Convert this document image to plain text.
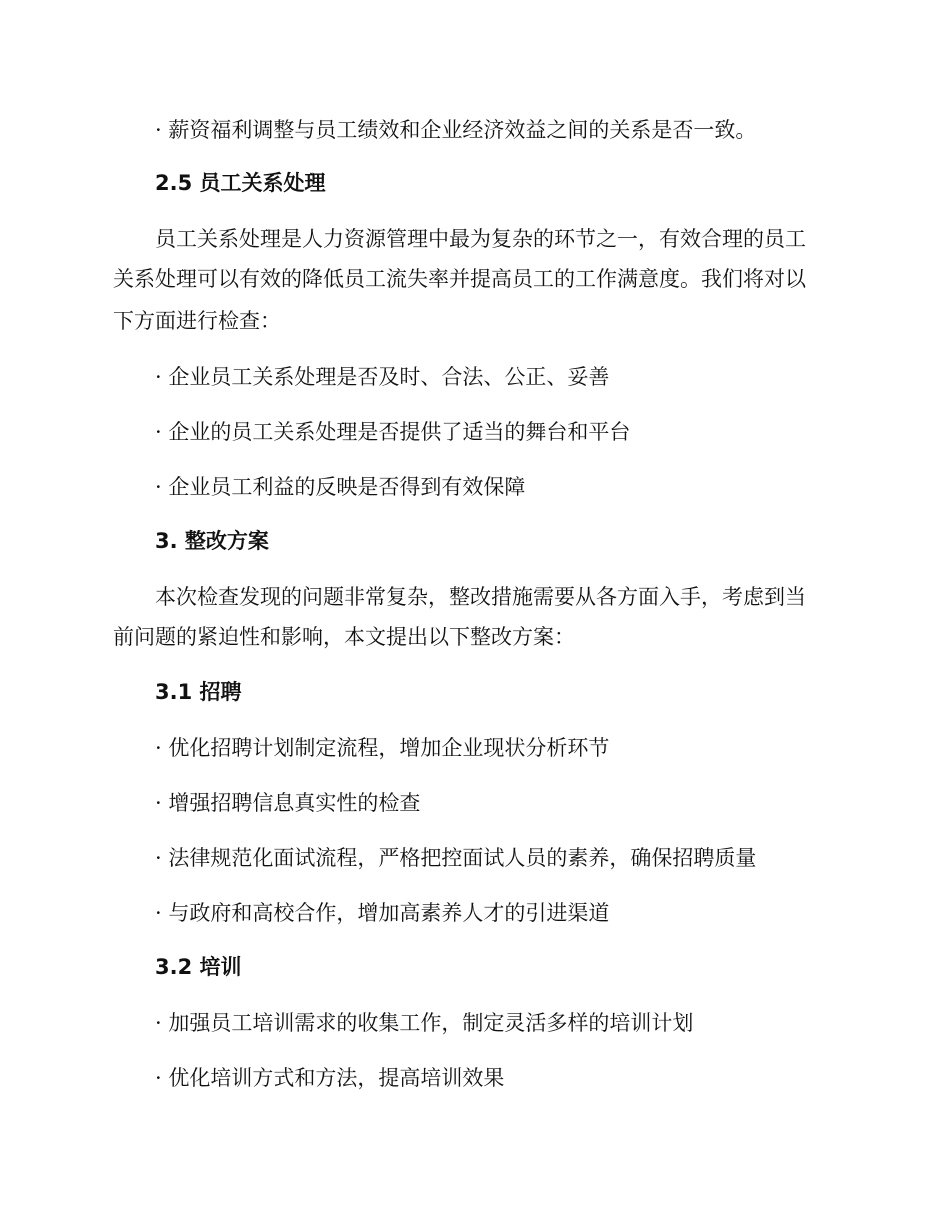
· 薪资福利调整与员工绩效和企业经济效益之间的关系是否一致。
2.5 员工关系处理
员工关系处理是人力资源管理中最为复杂的环节之一，有效合理的员工
关系处理可以有效的降低员工流失率并提高员工的工作满意度。我们将对以
下方面进行检查：
· 企业员工关系处理是否及时、合法、公正、妥善
· 企业的员工关系处理是否提供了适当的舞台和平台
· 企业员工利益的反映是否得到有效保障
3. 整改方案
本次检查发现的问题非常复杂，整改措施需要从各方面入手，考虑到当
前问题的紧迫性和影响，本文提出以下整改方案：
3.1 招聘
· 优化招聘计划制定流程，增加企业现状分析环节
· 增强招聘信息真实性的检查
· 法律规范化面试流程，严格把控面试人员的素养，确保招聘质量
· 与政府和高校合作，增加高素养人才的引进渠道
3.2 培训
· 加强员工培训需求的收集工作，制定灵活多样的培训计划
· 优化培训方式和方法，提高培训效果
